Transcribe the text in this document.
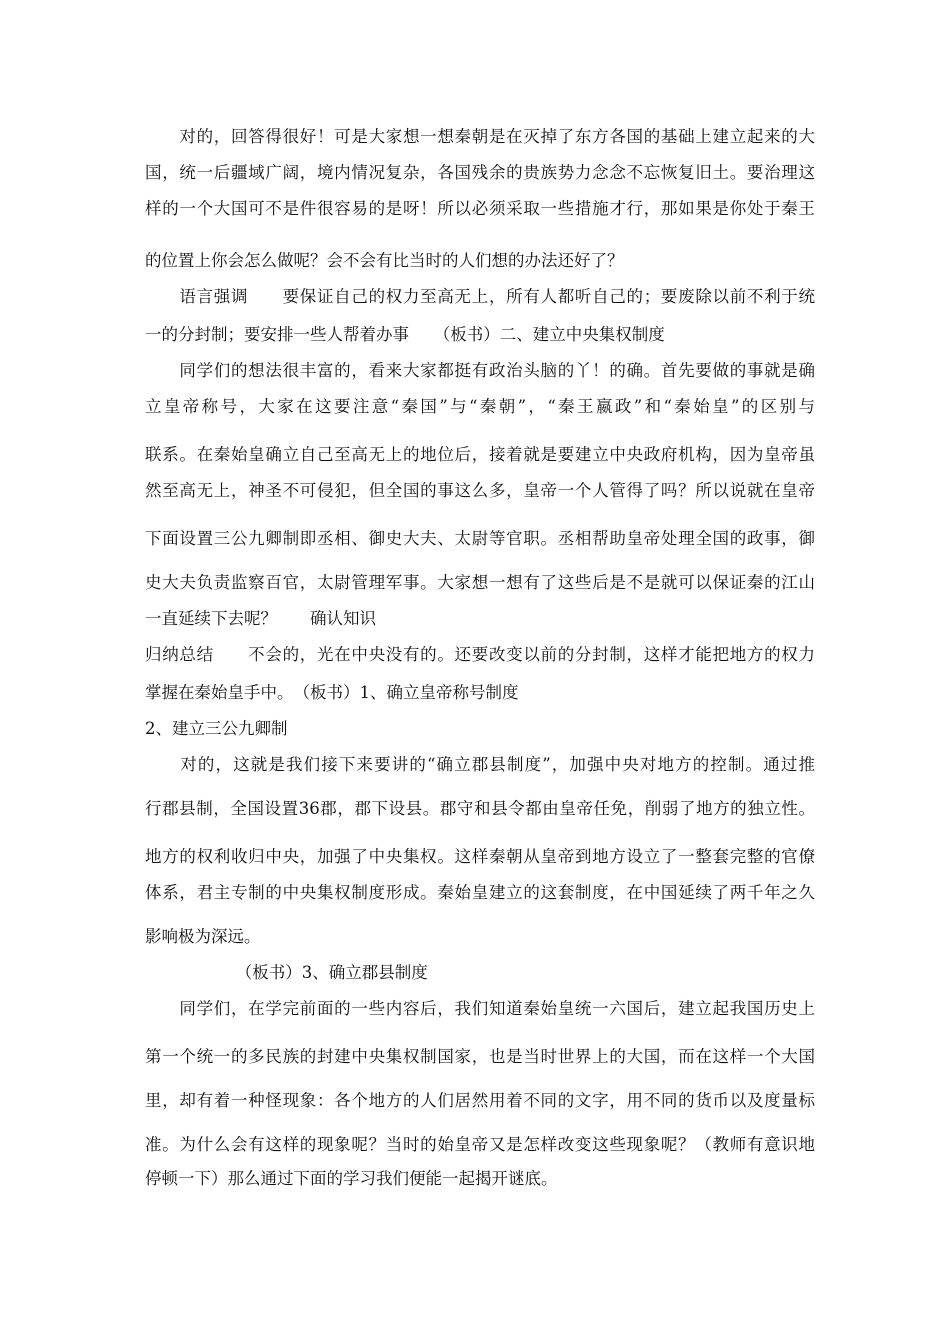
　　对的，回答得很好！可是大家想一想秦朝是在灭掉了东方各国的基础上建立起来的大
国，统一后疆域广阔，境内情况复杂，各国残余的贵族势力念念不忘恢复旧土。要治理这
样的一个大国可不是件很容易的是呀！所以必须采取一些措施才行，那如果是你处于秦王
的位置上你会怎么做呢？会不会有比当时的人们想的办法还好了？
　　语言强调　　要保证自己的权力至高无上，所有人都听自己的；要废除以前不利于统
一的分封制；要安排一些人帮着办事　　（板书）二、建立中央集权制度
　　同学们的想法很丰富的，看来大家都挺有政治头脑的丫！的确。首先要做的事就是确
立皇帝称号，大家在这要注意“秦国”与“秦朝”，“秦王嬴政”和“秦始皇”的区别与
联系。在秦始皇确立自己至高无上的地位后，接着就是要建立中央政府机构，因为皇帝虽
然至高无上，神圣不可侵犯，但全国的事这么多，皇帝一个人管得了吗？所以说就在皇帝
下面设置三公九卿制即丞相、御史大夫、太尉等官职。丞相帮助皇帝处理全国的政事，御
史大夫负责监察百官，太尉管理军事。大家想一想有了这些后是不是就可以保证秦的江山
一直延续下去呢？　　确认知识
归纳总结　　不会的，光在中央没有的。还要改变以前的分封制，这样才能把地方的权力
掌握在秦始皇手中。　（板书）1、确立皇帝称号制度
2、建立三公九卿制
　　对的，这就是我们接下来要讲的“确立郡县制度”，加强中央对地方的控制。通过推
行郡县制，全国设置36郡，郡下设县。郡守和县令都由皇帝任免，削弱了地方的独立性。
地方的权利收归中央，加强了中央集权。这样秦朝从皇帝到地方设立了一整套完整的官僚
体系，君主专制的中央集权制度形成。秦始皇建立的这套制度，在中国延续了两千年之久
影响极为深远。
　　　　　　（板书）3、确立郡县制度
　　同学们，在学完前面的一些内容后，我们知道秦始皇统一六国后，建立起我国历史上
第一个统一的多民族的封建中央集权制国家，也是当时世界上的大国，而在这样一个大国
里，却有着一种怪现象：各个地方的人们居然用着不同的文字，用不同的货币以及度量标
准。为什么会有这样的现象呢？当时的始皇帝又是怎样改变这些现象呢？（教师有意识地
停顿一下）那么通过下面的学习我们便能一起揭开谜底。
